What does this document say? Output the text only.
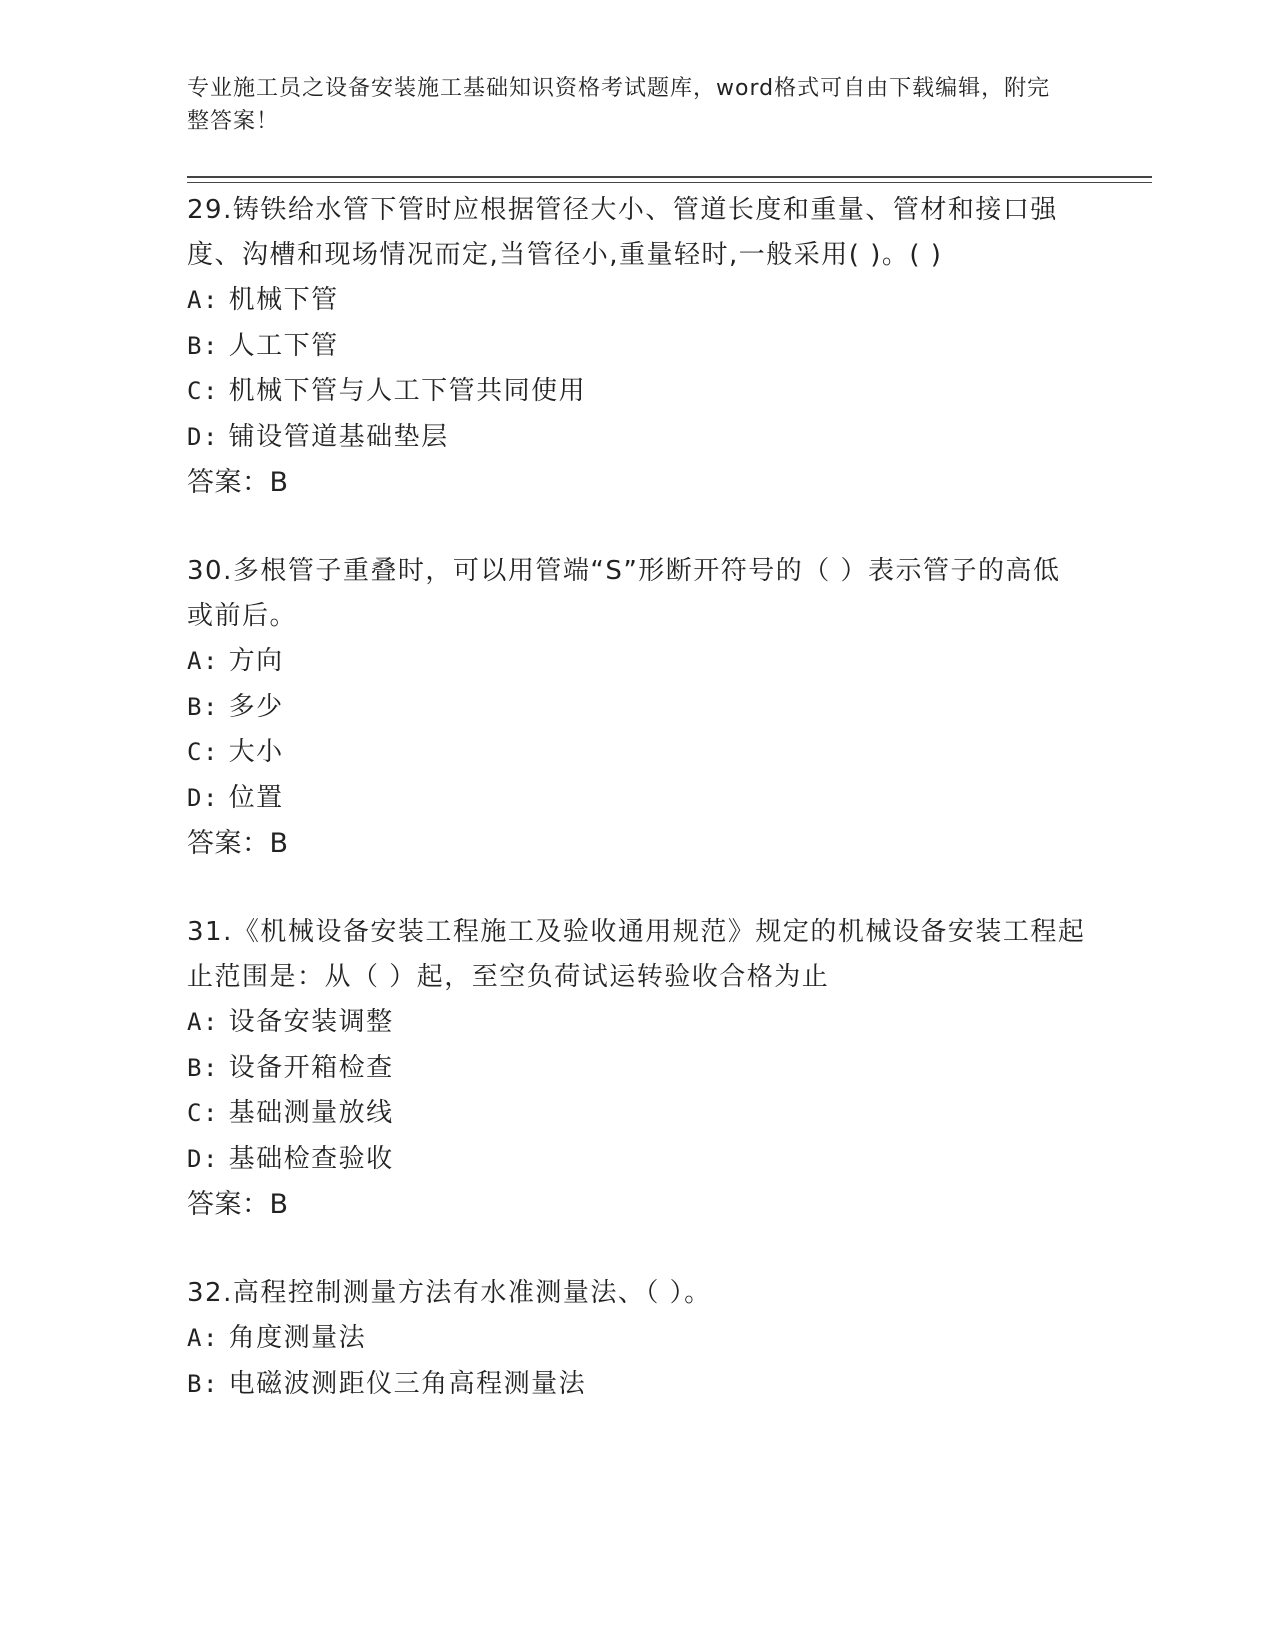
专业施工员之设备安装施工基础知识资格考试题库，word格式可自由下载编辑，附完整答案！

29.铸铁给水管下管时应根据管径大小、管道长度和重量、管材和接口强度、沟槽和现场情况而定,当管径小,重量轻时,一般采用( )。( )

A: 机械下管

B: 人工下管

C: 机械下管与人工下管共同使用

D: 铺设管道基础垫层

答案：B

30.多根管子重叠时，可以用管端“S”形断开符号的（ ）表示管子的高低或前后。

A: 方向

B: 多少

C: 大小

D: 位置

答案：B

31.《机械设备安装工程施工及验收通用规范》规定的机械设备安装工程起止范围是：从（ ）起，至空负荷试运转验收合格为止

A: 设备安装调整

B: 设备开箱检查

C: 基础测量放线

D: 基础检查验收

答案：B

32.高程控制测量方法有水准测量法、（ ）。

A: 角度测量法

B: 电磁波测距仪三角高程测量法
